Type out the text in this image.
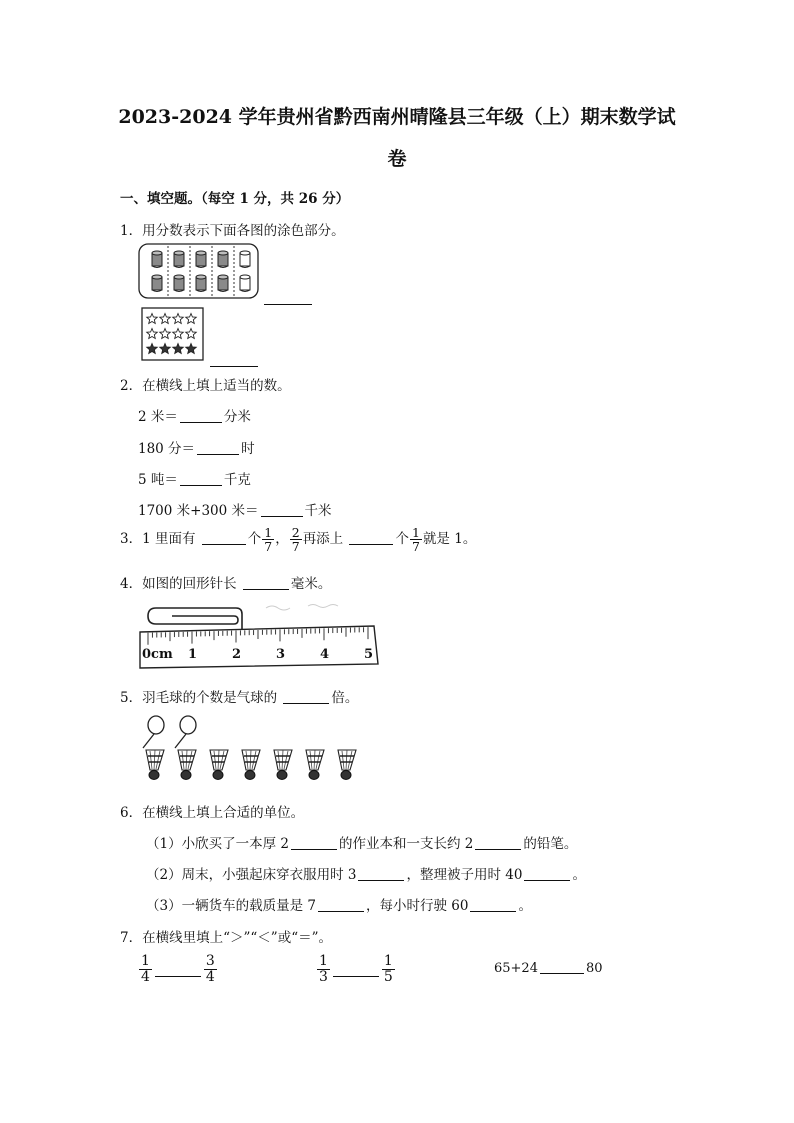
2023-2024 学年贵州省黔西南州晴隆县三年级（上）期末数学试
卷
一、填空题。（每空 1 分，共 26 分）
1．用分数表示下面各图的涂色部分。
2．在横线上填上适当的数。
2 米＝	分米
180 分＝	时
5 吨＝	千克
1700 米+300 米＝	千米
3．1 里面有	个 $\frac{1}{7}$ ， $\frac{2}{7}$ 再添上	个 $\frac{1}{7}$ 就是 1。
4．如图的回形针长	毫米。
0cm 1	2	3	4	5
5．羽毛球的个数是气球的	倍。
6．在横线上填上合适的单位。
（1）小欣买了一本厚 2	的作业本和一支长约 2	的铅笔。
（2）周末，小强起床穿衣服用时 3	，整理被子用时 40	。
（3）一辆货车的载质量是 7	，每小时行驶 60	。
7．在横线里填上“＞”“＜”或“＝”。
$\frac{1}{4}$	$\frac{3}{4}$	$\frac{1}{3}$	$\frac{1}{5}$	65+24	80
